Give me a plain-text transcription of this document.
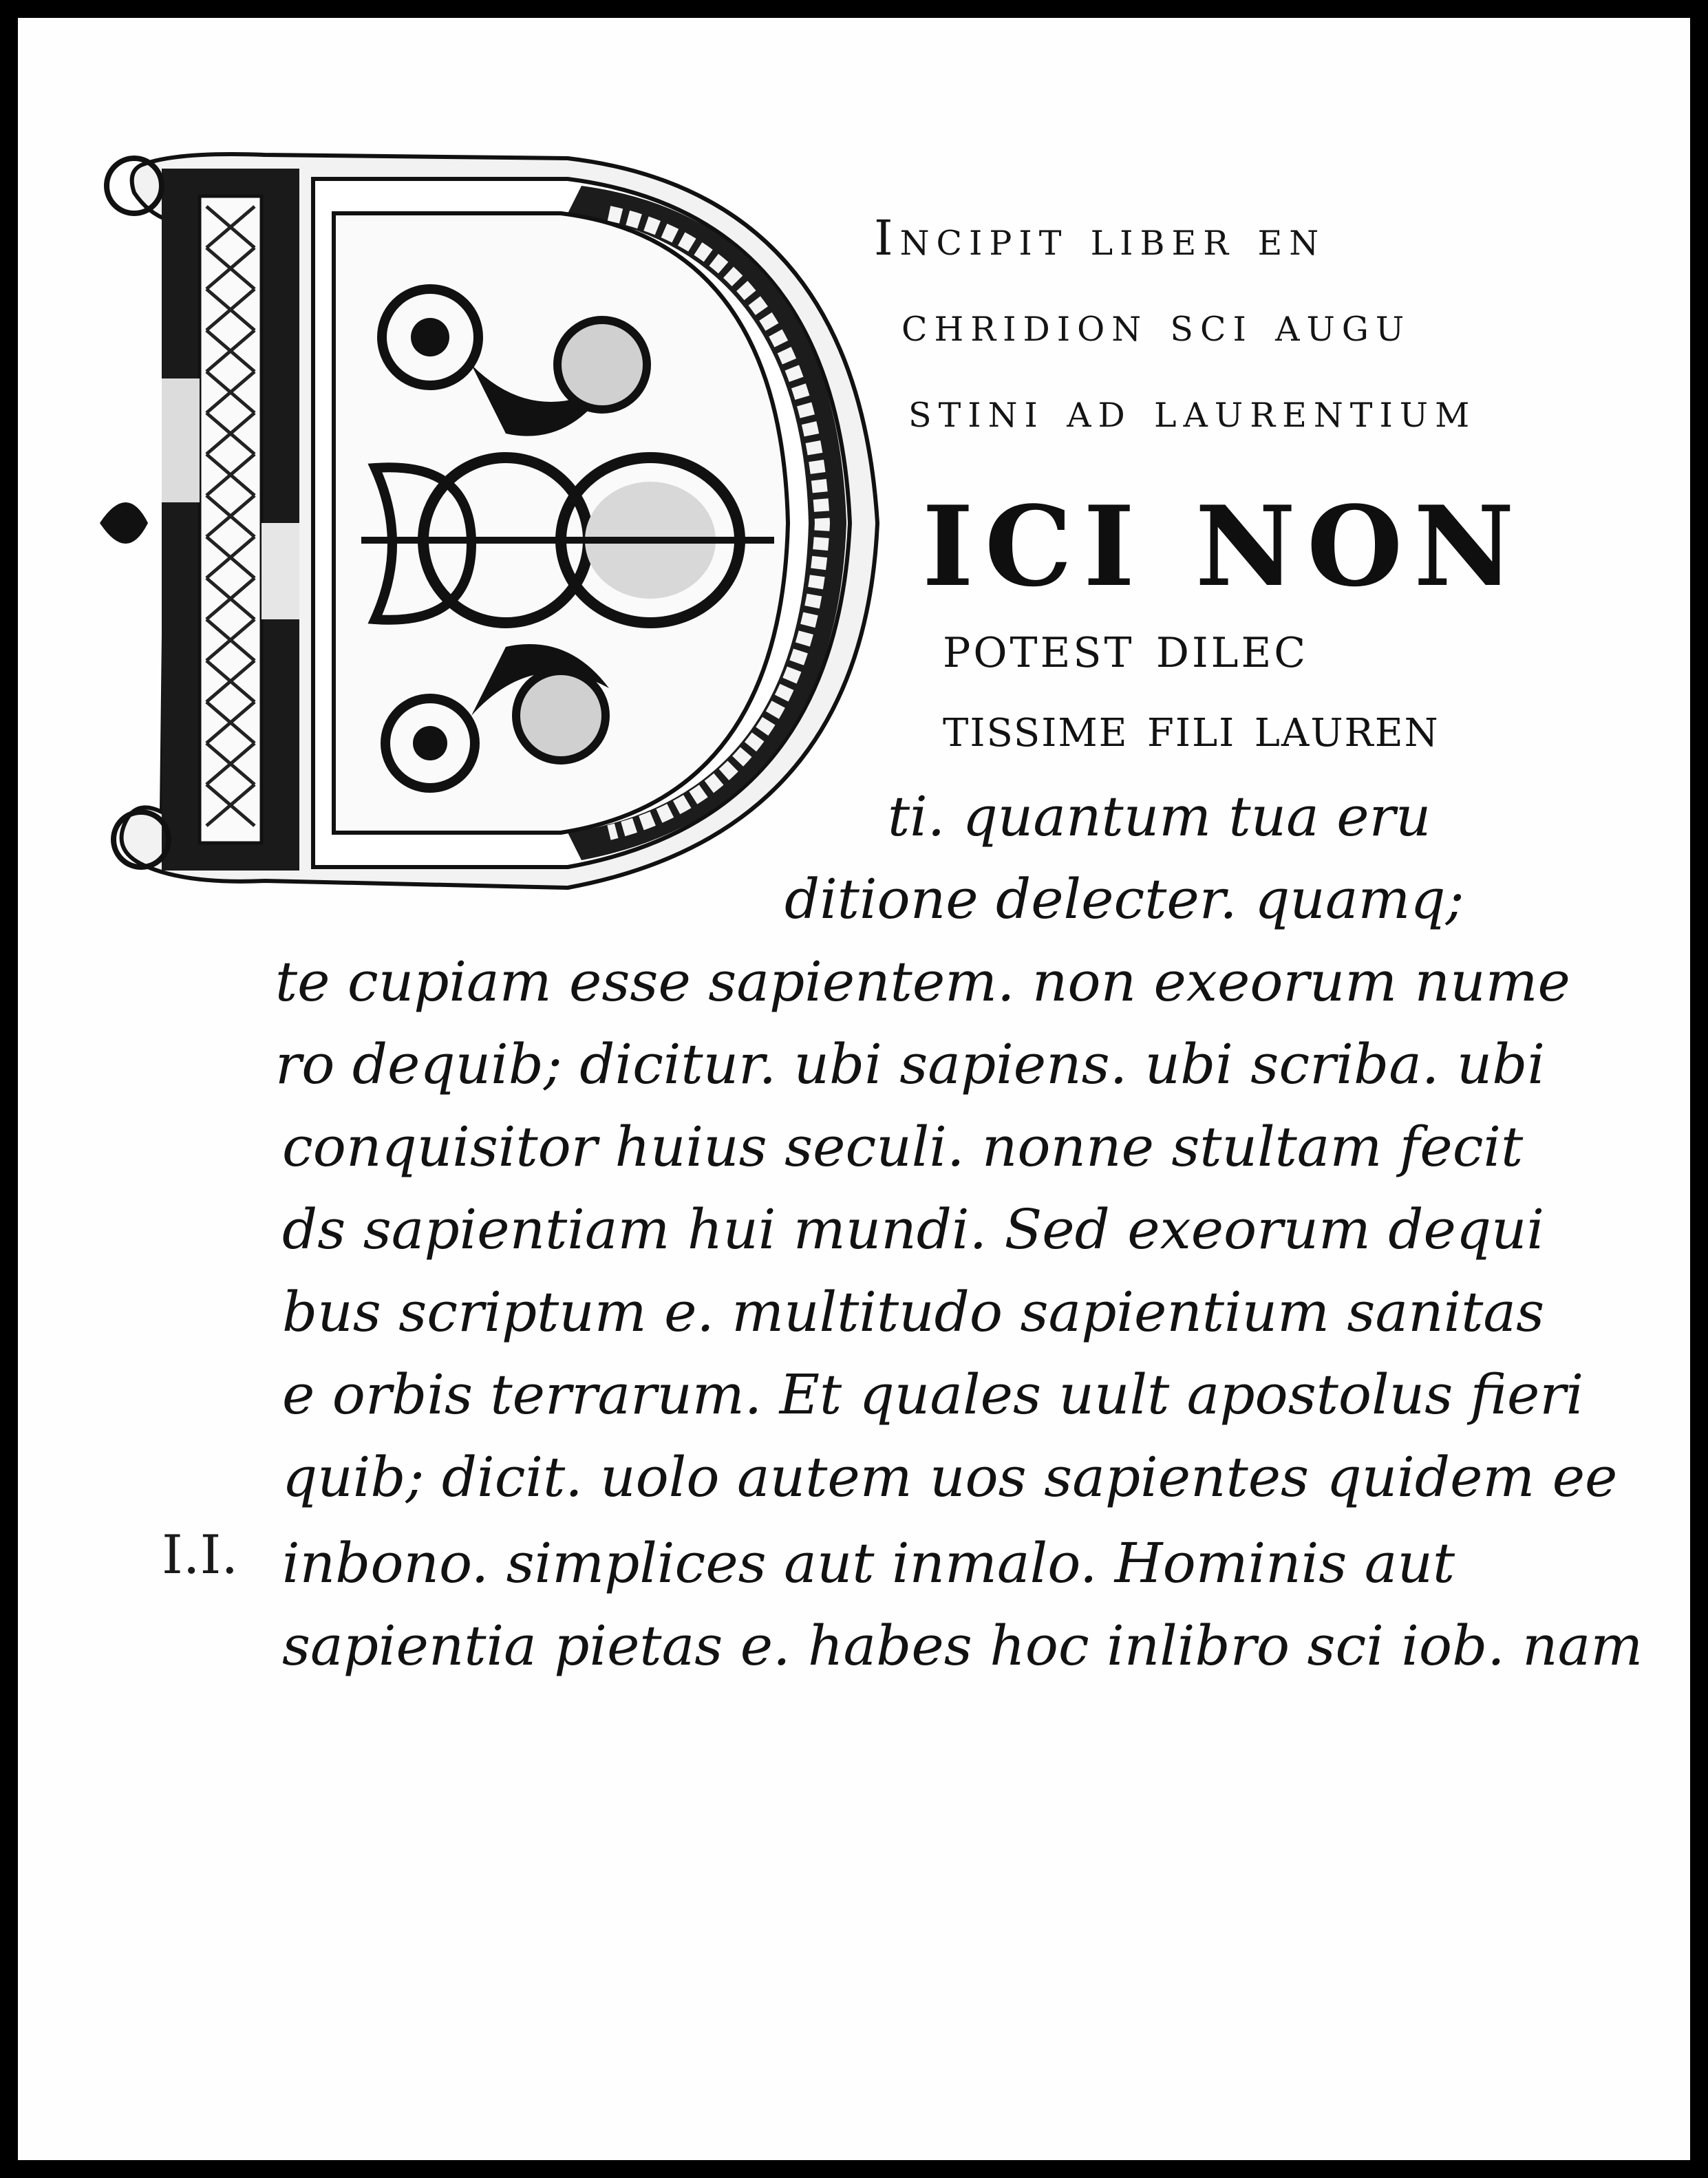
Incipit liber en
chridion sci augu
stini ad laurentium
ICI NON
potest dilec
tissime fili lauren
ti. quantum tua eru
ditione delecter. quamq;
te cupiam esse sapientem. non exeorum nume
ro dequib; dicitur. ubi sapiens. ubi scriba. ubi
conquisitor huius seculi. nonne stultam fecit
ds sapientiam hui mundi. Sed exeorum dequi
bus scriptum e. multitudo sapientium sanitas
e orbis terrarum. Et quales uult apostolus fieri
quib; dicit. uolo autem uos sapientes quidem ee
inbono. simplices aut inmalo. Hominis aut
sapientia pietas e. habes hoc inlibro sci iob. nam
I.I.
